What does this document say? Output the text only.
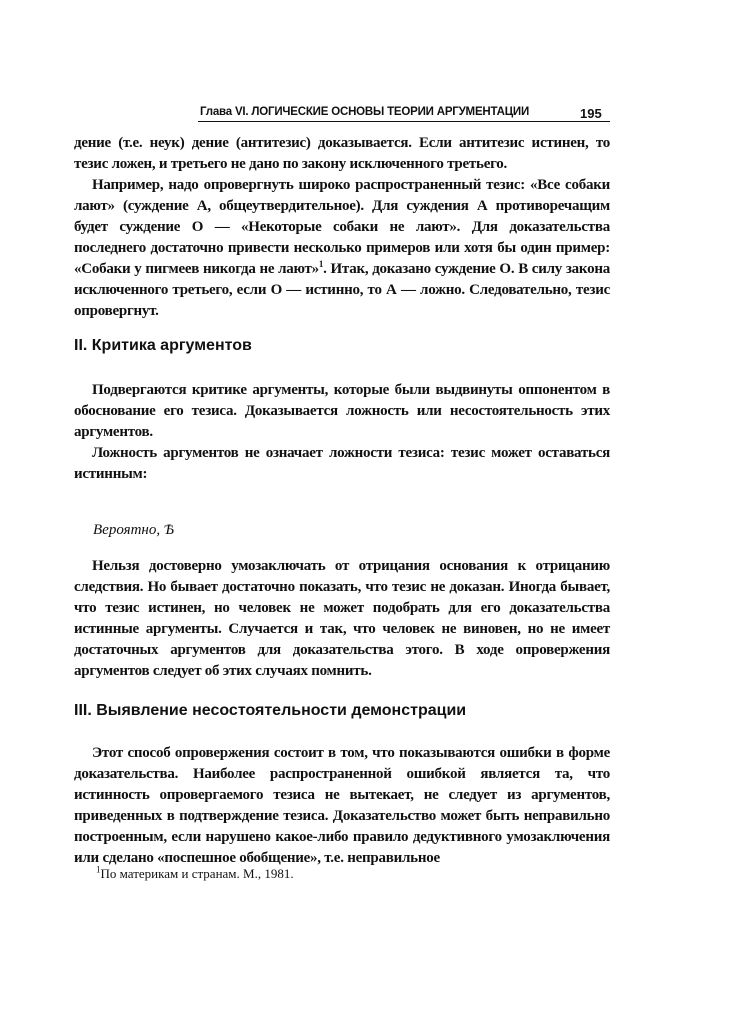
Глава VI. ЛОГИЧЕСКИЕ ОСНОВЫ ТЕОРИИ АРГУМЕНТАЦИИ	195

дение (т.е. неук) дение (антитезис) доказывается. Если антитезис истинен, то тезис ложен, и третьего не дано по закону исключенного третьего.

Например, надо опровергнуть широко распространенный тезис: «Все собаки лают» (суждение А, общеутвердительное). Для суждения А противоречащим будет суждение О — «Некоторые собаки не лают». Для доказательства последнего достаточно привести несколько примеров или хотя бы один пример: «Собаки у пигмеев никогда не лают»$^1$. Итак, доказано суждение О. В силу закона исключенного третьего, если О — истинно, то А — ложно. Следовательно, тезис опровергнут.

II. Критика аргументов

Подвергаются критике аргументы, которые были выдвинуты оппонентом в обоснование его тезиса. Доказывается ложность или несостоятельность этих аргументов.

Ложность аргументов не означает ложности тезиса: тезис может оставаться истинным:

Вероятно, Ѣ

Нельзя достоверно умозаключать от отрицания основания к отрицанию следствия. Но бывает достаточно показать, что тезис не доказан. Иногда бывает, что тезис истинен, но человек не может подобрать для его доказательства истинные аргументы. Случается и так, что человек не виновен, но не имеет достаточных аргументов для доказательства этого. В ходе опровержения аргументов следует об этих случаях помнить.

III. Выявление несостоятельности демонстрации

Этот способ опровержения состоит в том, что показываются ошибки в форме доказательства. Наиболее распространенной ошибкой является та, что истинность опровергаемого тезиса не вытекает, не следует из аргументов, приведенных в подтверждение тезиса. Доказательство может быть неправильно построенным, если нарушено какое-либо правило дедуктивного умозаключения или сделано «поспешное обобщение», т.е. неправильное

$^1$По материкам и странам. М., 1981.
